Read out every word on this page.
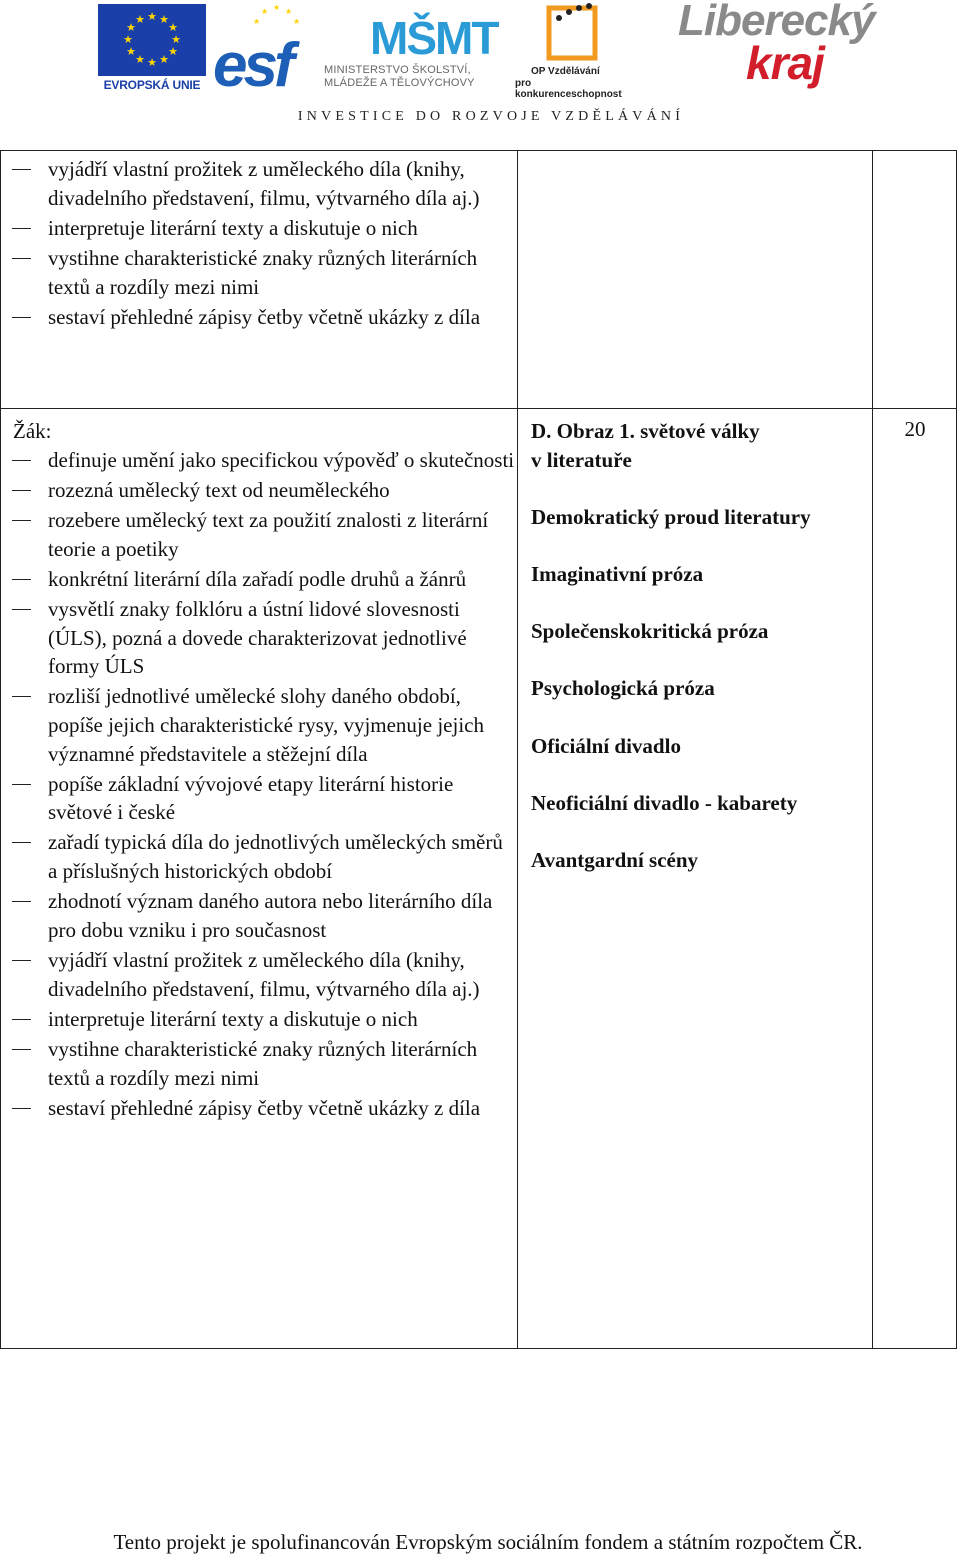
★ ★
★
★
★
★
★
★
★
★
★
★
EVROPSKÁ UNIE
★ ★
★
★
★
esf MŠMT
MINISTERSTVO ŠKOLSTVÍ,
MLÁDEŽE A TĚLOVÝCHOVY
OP Vzdělávání
pro konkurenceschopnost
Liberecký
kraj
INVESTICE DO ROZVOJE VZDĚLÁVÁNÍ
vyjádří vlastní prožitek z uměleckého díla (knihy, divadelního představení, filmu, výtvarného díla aj.)
interpretuje literární texty a diskutuje o nich
vystihne charakteristické znaky různých literárních textů a rozdíly mezi nimi
sestaví přehledné zápisy četby včetně ukázky z díla
Žák:
definuje umění jako specifickou výpověď o skutečnosti
rozezná umělecký text od neuměleckého
rozebere umělecký text za použití znalosti z literární teorie a poetiky
konkrétní literární díla zařadí podle druhů a žánrů
vysvětlí znaky folklóru a ústní lidové slovesnosti (ÚLS), pozná a dovede charakterizovat jednotlivé formy ÚLS
rozliší jednotlivé umělecké slohy daného období, popíše jejich charakteristické rysy, vyjmenuje jejich významné představitele a stěžejní díla
popíše základní vývojové etapy literární historie světové i české
zařadí typická díla do jednotlivých uměleckých směrů a příslušných historických období
zhodnotí význam daného autora nebo literárního díla pro dobu vzniku i pro současnost
vyjádří vlastní prožitek z uměleckého díla (knihy, divadelního představení, filmu, výtvarného díla aj.)
interpretuje literární texty a diskutuje o nich
vystihne charakteristické znaky různých literárních textů a rozdíly mezi nimi
sestaví přehledné zápisy četby včetně ukázky z díla

D. Obraz 1. světové války

v literatuře

Demokratický proud literatury

Imaginativní próza

Společenskokritická próza

Psychologická próza

Oficiální divadlo

Neoficiální divadlo - kabarety

Avantgardní scény

20
Tento projekt je spolufinancován Evropským sociálním fondem a státním rozpočtem ČR.
